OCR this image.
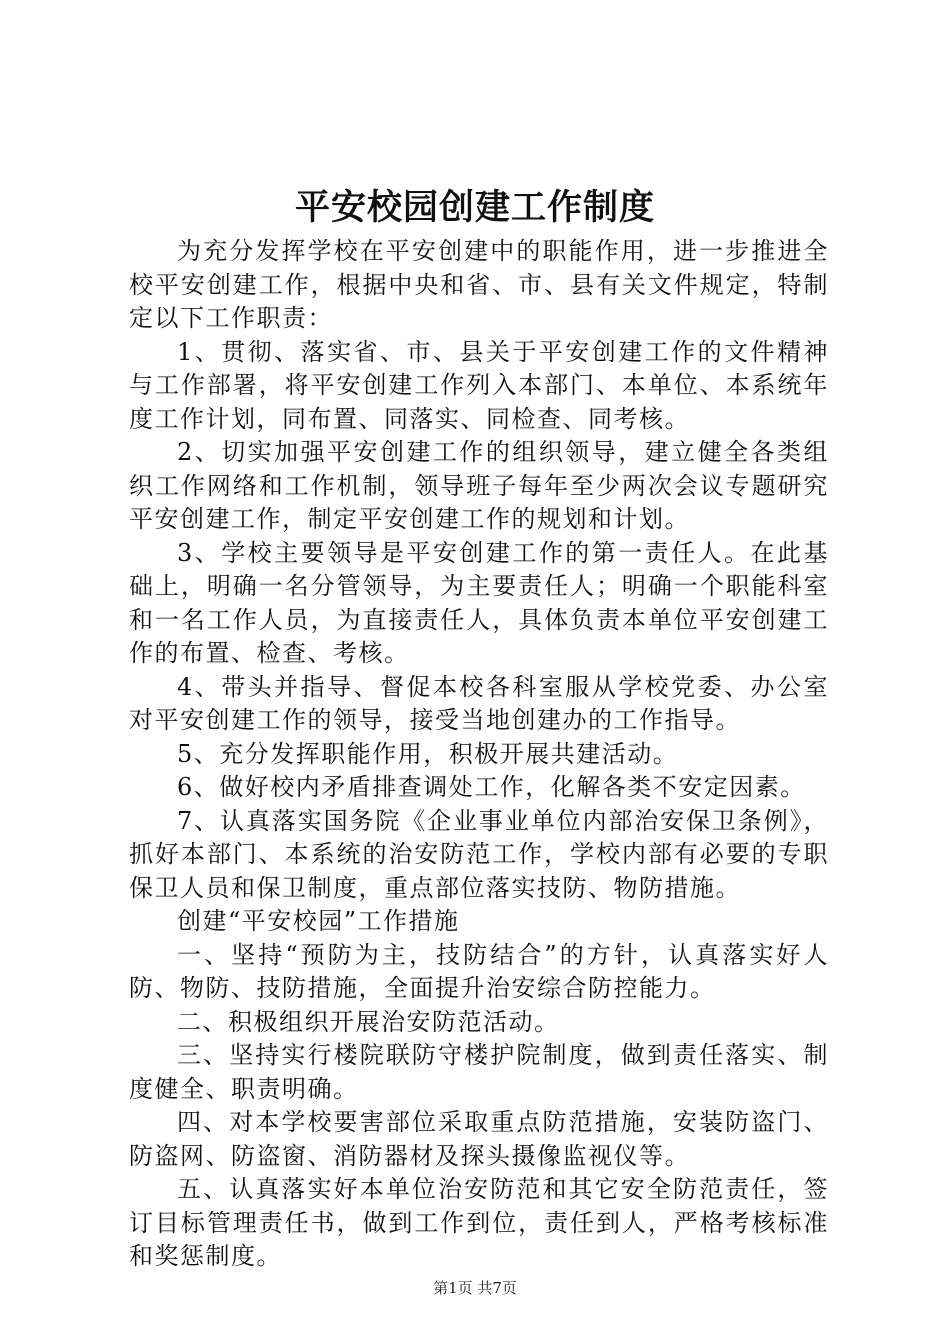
平安校园创建工作制度

为充分发挥学校在平安创建中的职能作用，进一步推进全校平安创建工作，根据中央和省、市、县有关文件规定，特制定以下工作职责：

1、贯彻、落实省、市、县关于平安创建工作的文件精神与工作部署，将平安创建工作列入本部门、本单位、本系统年度工作计划，同布置、同落实、同检查、同考核。

2、切实加强平安创建工作的组织领导，建立健全各类组织工作网络和工作机制，领导班子每年至少两次会议专题研究平安创建工作，制定平安创建工作的规划和计划。

3、学校主要领导是平安创建工作的第一责任人。在此基础上，明确一名分管领导，为主要责任人；明确一个职能科室和一名工作人员，为直接责任人，具体负责本单位平安创建工作的布置、检查、考核。

4、带头并指导、督促本校各科室服从学校党委、办公室对平安创建工作的领导，接受当地创建办的工作指导。

5、充分发挥职能作用，积极开展共建活动。

6、做好校内矛盾排查调处工作，化解各类不安定因素。

7、认真落实国务院《企业事业单位内部治安保卫条例》，抓好本部门、本系统的治安防范工作，学校内部有必要的专职保卫人员和保卫制度，重点部位落实技防、物防措施。

创建“平安校园”工作措施

一、坚持“预防为主，技防结合”的方针，认真落实好人防、物防、技防措施，全面提升治安综合防控能力。

二、积极组织开展治安防范活动。

三、坚持实行楼院联防守楼护院制度，做到责任落实、制度健全、职责明确。

四、对本学校要害部位采取重点防范措施，安装防盗门、防盗网、防盗窗、消防器材及探头摄像监视仪等。

五、认真落实好本单位治安防范和其它安全防范责任，签订目标管理责任书，做到工作到位，责任到人，严格考核标准和奖惩制度。

第1页 共7页
